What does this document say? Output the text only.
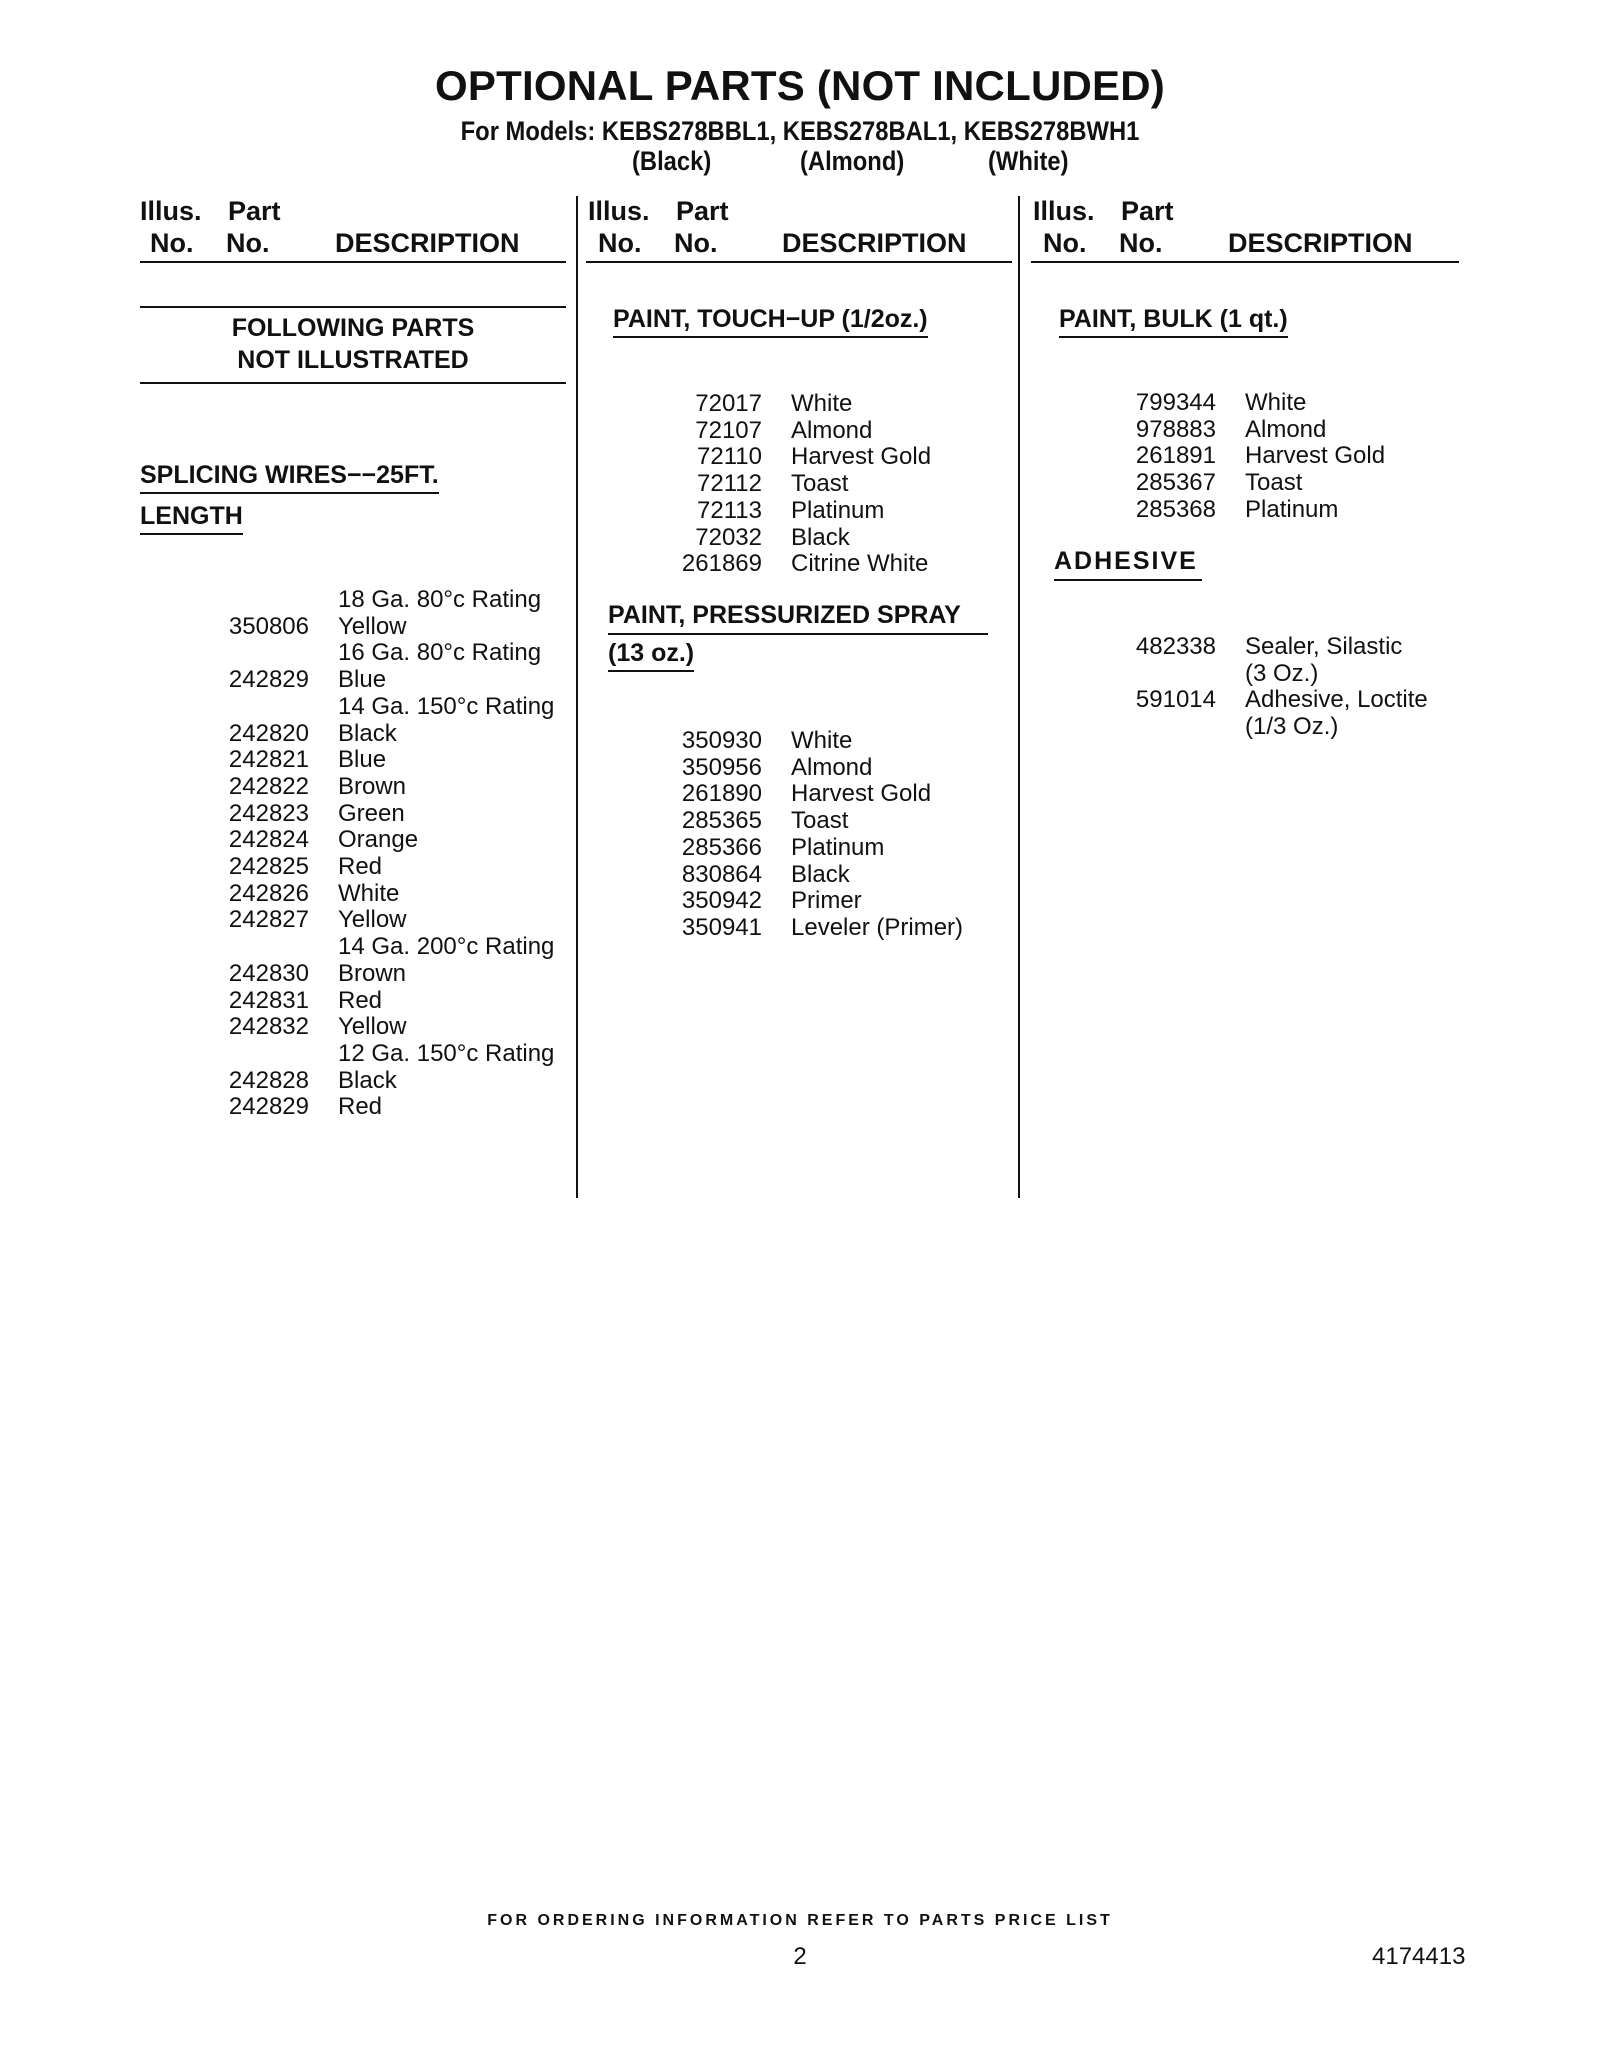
OPTIONAL PARTS (NOT INCLUDED)
For Models: KEBS278BBL1, KEBS278BAL1, KEBS278BWH1
(Black)	(Almond)	(White)
Illus.
No.
Part
No. DESCRIPTION
Illus.
No.
Part
No. DESCRIPTION
Illus.
No.
Part
No. DESCRIPTION
FOLLOWING PARTS
NOT ILLUSTRATED
SPLICING WIRES−−25FT.
LENGTH
18 Ga. 80°c Rating
350806 Yellow
16 Ga. 80°c Rating
242829 Blue
14 Ga. 150°c Rating
242820 Black
242821 Blue
242822 Brown
242823 Green
242824 Orange
242825 Red
242826 White
242827 Yellow
14 Ga. 200°c Rating
242830 Brown
242831 Red
242832 Yellow
12 Ga. 150°c Rating
242828 Black
242829 Red
PAINT, TOUCH−UP (1/2oz.)
72017 White
72107 Almond
72110 Harvest Gold
72112 Toast
72113 Platinum
72032 Black
261869 Citrine White
PAINT, PRESSURIZED SPRAY
(13 oz.)
350930 White
350956 Almond
261890 Harvest Gold
285365 Toast
285366 Platinum
830864 Black
350942 Primer
350941 Leveler (Primer)
PAINT, BULK (1 qt.)
799344 White
978883 Almond
261891 Harvest Gold
285367 Toast
285368 Platinum
ADHESIVE
482338 Sealer, Silastic
(3 Oz.)
591014 Adhesive, Loctite
(1/3 Oz.)
FOR ORDERING INFORMATION REFER TO PARTS PRICE LIST
2	4174413
